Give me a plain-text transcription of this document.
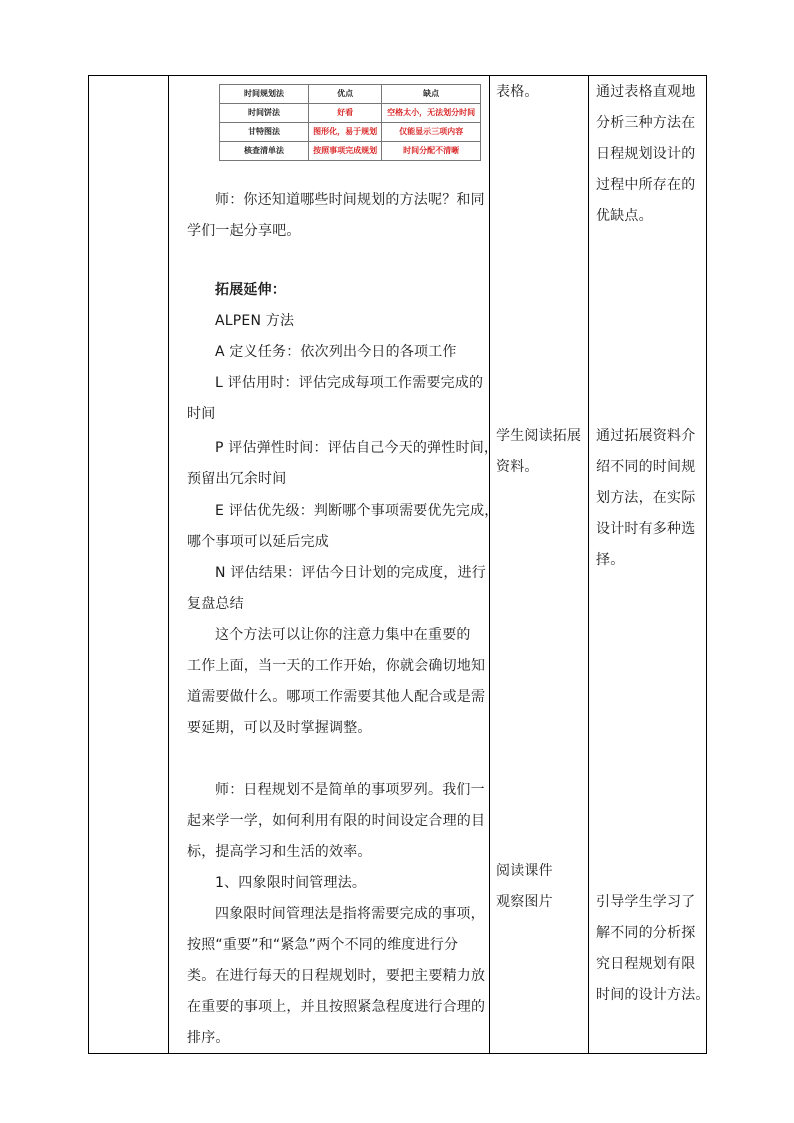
时间规划法	优点	缺点
时间饼法	好看	空格太小，无法划分时间
甘特图法	图形化，易于规划	仅能显示三项内容
核查清单法	按照事项完成规划	时间分配不清晰

师：你还知道哪些时间规划的方法呢？和同

学们一起分享吧。

拓展延伸：

ALPEN 方法

A 定义任务：依次列出今日的各项工作

L 评估用时：评估完成每项工作需要完成的

时间

P 评估弹性时间：评估自己今天的弹性时间，

预留出冗余时间

E 评估优先级：判断哪个事项需要优先完成，

哪个事项可以延后完成

N 评估结果：评估今日计划的完成度，进行

复盘总结

这个方法可以让你的注意力集中在重要的

工作上面，当一天的工作开始，你就会确切地知

道需要做什么。哪项工作需要其他人配合或是需

要延期，可以及时掌握调整。

师：日程规划不是简单的事项罗列。我们一

起来学一学，如何利用有限的时间设定合理的目

标，提高学习和生活的效率。

1、四象限时间管理法。

四象限时间管理法是指将需要完成的事项，

按照“重要”和“紧急”两个不同的维度进行分

类。在进行每天的日程规划时，要把主要精力放

在重要的事项上，并且按照紧急程度进行合理的

排序。

表格。

学生阅读拓展

资料。

阅读课件

观察图片

通过表格直观地

分析三种方法在

日程规划设计的

过程中所存在的

优缺点。

通过拓展资料介

绍不同的时间规

划方法，在实际

设计时有多种选

择。

引导学生学习了

解不同的分析探

究日程规划有限

时间的设计方法。
